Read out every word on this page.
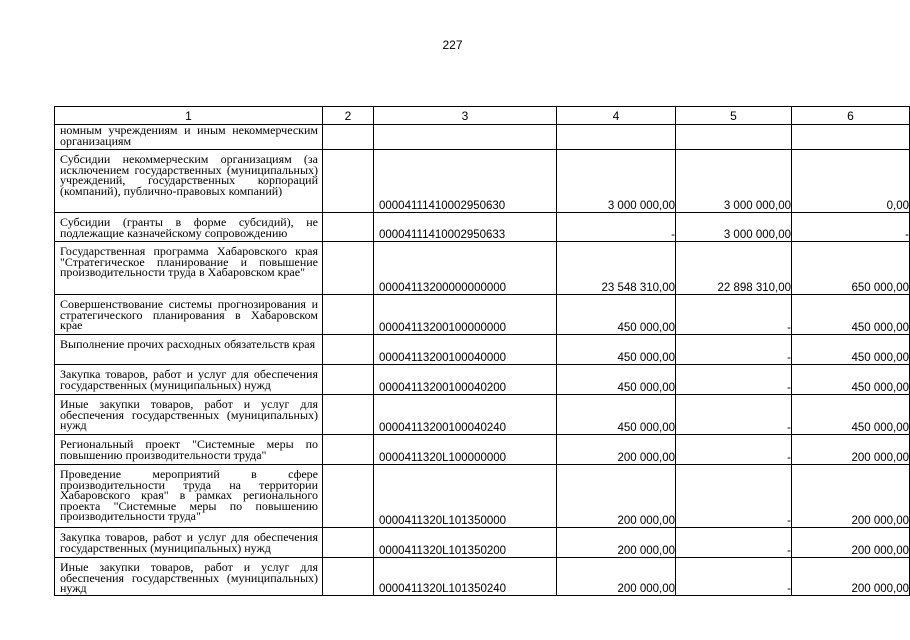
227
1	2	3	4	5	6
номным учреждениям и иным некоммерческим организациям					
Субсидии некоммерческим организациям (за исключением государственных (муниципальных) учреждений, государственных корпораций (компаний), публично-правовых компаний)		00004111410002950630	3 000 000,00	3 000 000,00	0,00
Субсидии (гранты в форме субсидий), не подлежащие казначейскому сопровождению		00004111410002950633	-	3 000 000,00	-
Государственная программа Хабаровского края "Стратегическое планирование и повышение производительности труда в Хабаровском крае"		00004113200000000000	23 548 310,00	22 898 310,00	650 000,00
Совершенствование системы прогнозирования и стратегического планирования в Хабаровском крае		00004113200100000000	450 000,00	-	450 000,00
Выполнение прочих расходных обязательств края		00004113200100040000	450 000,00	-	450 000,00
Закупка товаров, работ и услуг для обеспечения государственных (муниципальных) нужд		00004113200100040200	450 000,00	-	450 000,00
Иные закупки товаров, работ и услуг для обеспечения государственных (муниципальных) нужд		00004113200100040240	450 000,00	-	450 000,00
Региональный проект "Системные меры по повышению производительности труда"		0000411320L100000000	200 000,00	-	200 000,00
Проведение мероприятий в сфере производительности труда на территории Хабаровского края" в рамках регионального проекта "Системные меры по повышению производительности труда"		0000411320L101350000	200 000,00	-	200 000,00
Закупка товаров, работ и услуг для обеспечения государственных (муниципальных) нужд		0000411320L101350200	200 000,00	-	200 000,00
Иные закупки товаров, работ и услуг для обеспечения государственных (муниципальных) нужд		0000411320L101350240	200 000,00	-	200 000,00
